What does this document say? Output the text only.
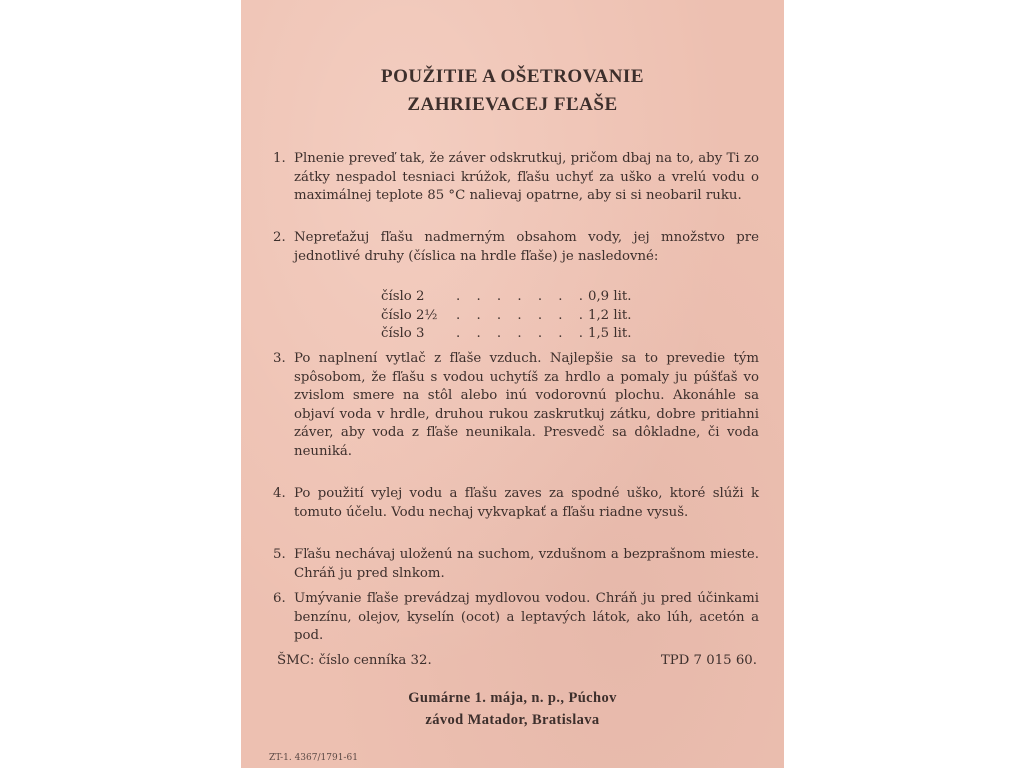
POUŽITIE A OŠETROVANIE
ZAHRIEVACEJ FĽAŠE
1. Plnenie preveď tak, že záver odskrutkuj, pričom dbaj na to, aby Ti zo zátky nespadol tesniaci krúžok, fľašu uchyť za uško a vrelú vodu o maximálnej teplote 85 °C nalievaj opatrne, aby si si neobaril ruku.
2. Nepreťažuj fľašu nadmerným obsahom vody, jej množstvo pre jednotlivé druhy (číslica na hrdle fľaše) je nasledovné:
číslo 2 . . . . . . . 0,9 lit.
číslo 2½ . . . . . . . 1,2 lit.
číslo 3 . . . . . . . 1,5 lit.
3. Po naplnení vytlač z fľaše vzduch. Najlepšie sa to prevedie tým spôsobom, že fľašu s vodou uchytíš za hrdlo a pomaly ju púšťaš vo zvislom smere na stôl alebo inú vodorovnú plochu. Akonáhle sa objaví voda v hrdle, druhou rukou zaskrutkuj zátku, dobre pritiahni záver, aby voda z fľaše neunikala. Presvedč sa dôkladne, či voda neuniká.
4. Po použití vylej vodu a fľašu zaves za spodné uško, ktoré slúži k tomuto účelu. Vodu nechaj vykvapkať a fľašu riadne vysuš.
5. Fľašu nechávaj uloženú na suchom, vzdušnom a bezprašnom mieste. Chráň ju pred slnkom.
6. Umývanie fľaše prevádzaj mydlovou vodou. Chráň ju pred účinkami benzínu, olejov, kyselín (ocot) a leptavých látok, ako lúh, acetón a pod.
ŠMC: číslo cenníka 32.	TPD 7 015 60.
Gumárne 1. mája, n. p., Púchov
závod Matador, Bratislava
ZT-1. 4367/1791-61
